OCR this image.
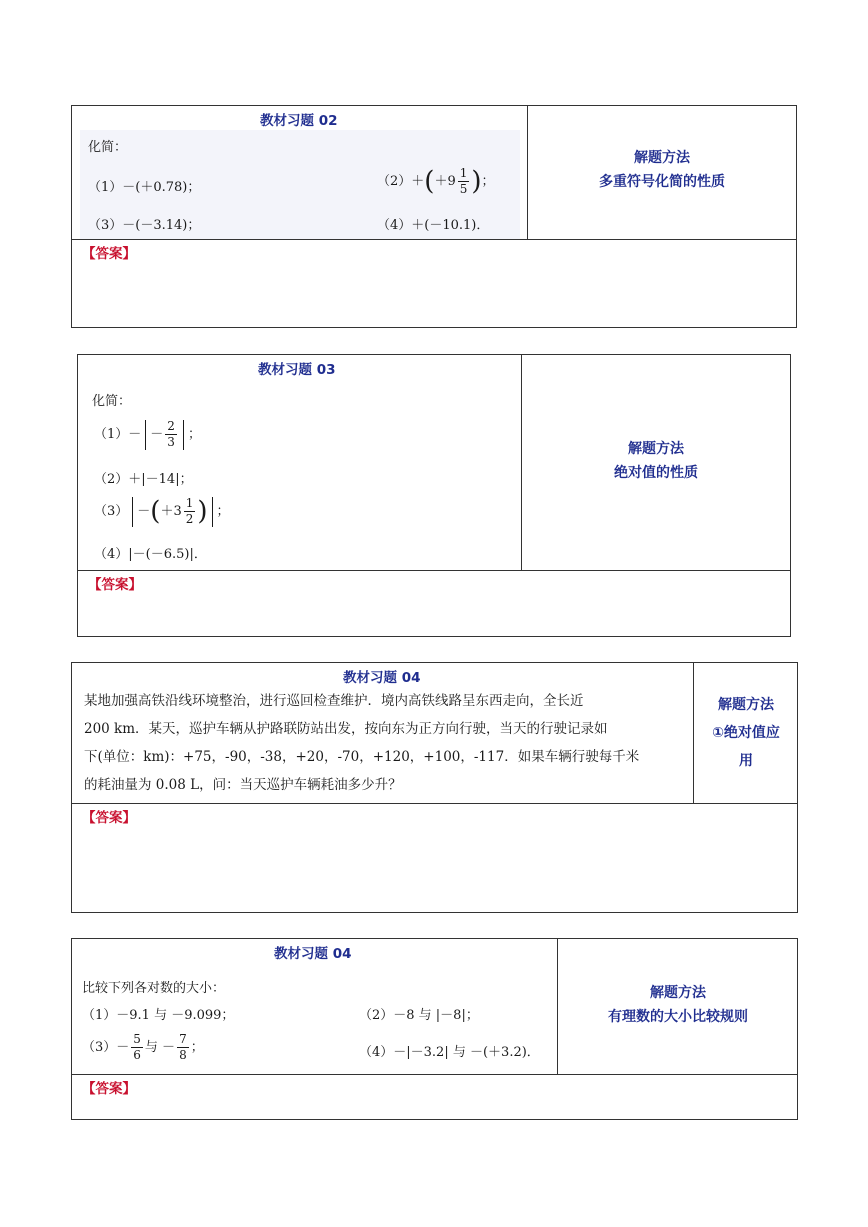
教材习题 02
化简：
（1）－(＋0.78)；	$(2)+(+9 \frac{1}{5}$ )；
（3）－(－3.14)；	（4）＋(－10.1)．
解题方法
多重符号化简的性质
【答案】
教材习题 03
化简：
$(1)- - \frac{2}{3}$ ；
（2）＋|－14|；
$(3) -(+3 \frac{1}{2}$ ) ；
（4）|－(－6.5)|．
解题方法
绝对值的性质
【答案】
教材习题 04
某地加强高铁沿线环境整治，进行巡回检查维护．境内高铁线路呈东西走向，全长近
200 km．某天，巡护车辆从护路联防站出发，按向东为正方向行驶，当天的行驶记录如
下(单位：km)：+75，-90，-38，+20，-70，+120，+100，-117．如果车辆行驶每千米
的耗油量为 0.08 L，问：当天巡护车辆耗油多少升？
解题方法
①绝对值应
用
【答案】
教材习题 04
比较下列各对数的大小：
（1）－9.1 与 －9.099；	（2）－8 与 |－8|；
$(3)- \frac{5}{6}$ 与 － $\frac{7}{8}$ ；	（4）－|－3.2| 与 －(＋3.2)．
解题方法
有理数的大小比较规则
【答案】
